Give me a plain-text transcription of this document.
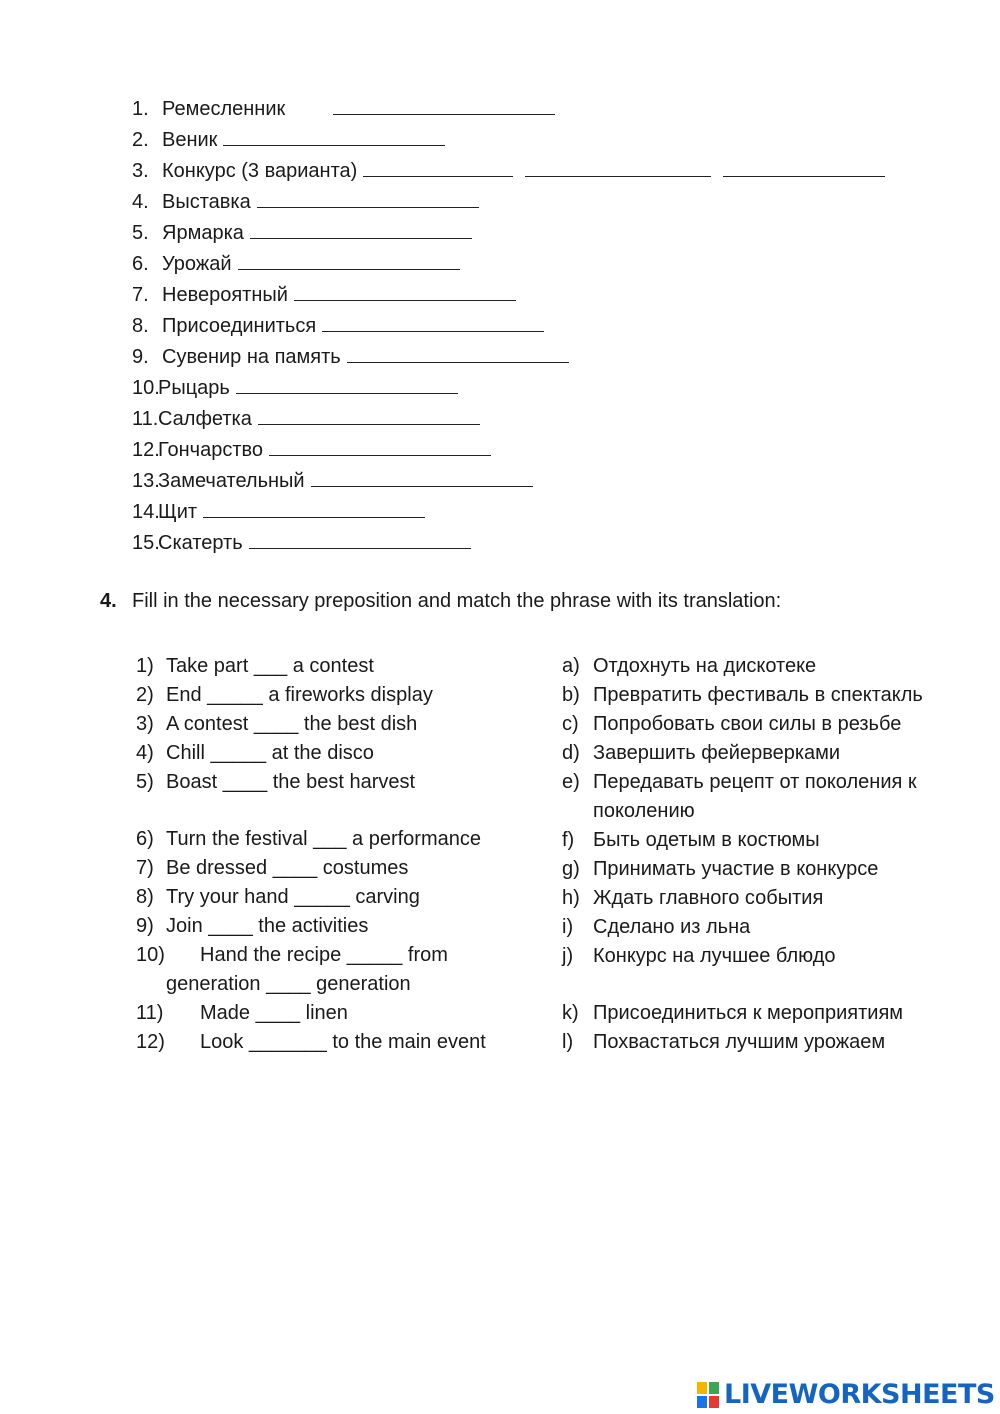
1. Ремесленник
2. Веник
3. Конкурс (3 варианта)
4. Выставка
5. Ярмарка
6. Урожай
7. Невероятный
8. Присоединиться
9. Сувенир на память
10.Рыцарь
11.Салфетка
12.Гончарство
13.Замечательный
14.Щит
15.Скатерть
4. Fill in the necessary preposition and match the phrase with its translation:
1) Take part ___ a contest
2) End _____ a fireworks display
3) A contest ____ the best dish
4) Chill _____ at the disco
5) Boast ____ the best harvest
6) Turn the festival ___ a performance
7) Be dressed ____ costumes
8) Try your hand _____ carving
9) Join ____ the activities
10) Hand the recipe _____ from
generation ____ generation
11) Made ____ linen
12) Look _______ to the main event
a) Отдохнуть на дискотеке
b) Превратить фестиваль в спектакль
c) Попробовать свои силы в резьбе
d) Завершить фейерверками
e) Передавать рецепт от поколения к поколению
f) Быть одетым в костюмы
g) Принимать участие в конкурсе
h) Ждать главного события
i) Сделано из льна
j) Конкурс на лучшее блюдо
k) Присоединиться к мероприятиям
l) Похвастаться лучшим урожаем
LIVEWORKSHEETS
